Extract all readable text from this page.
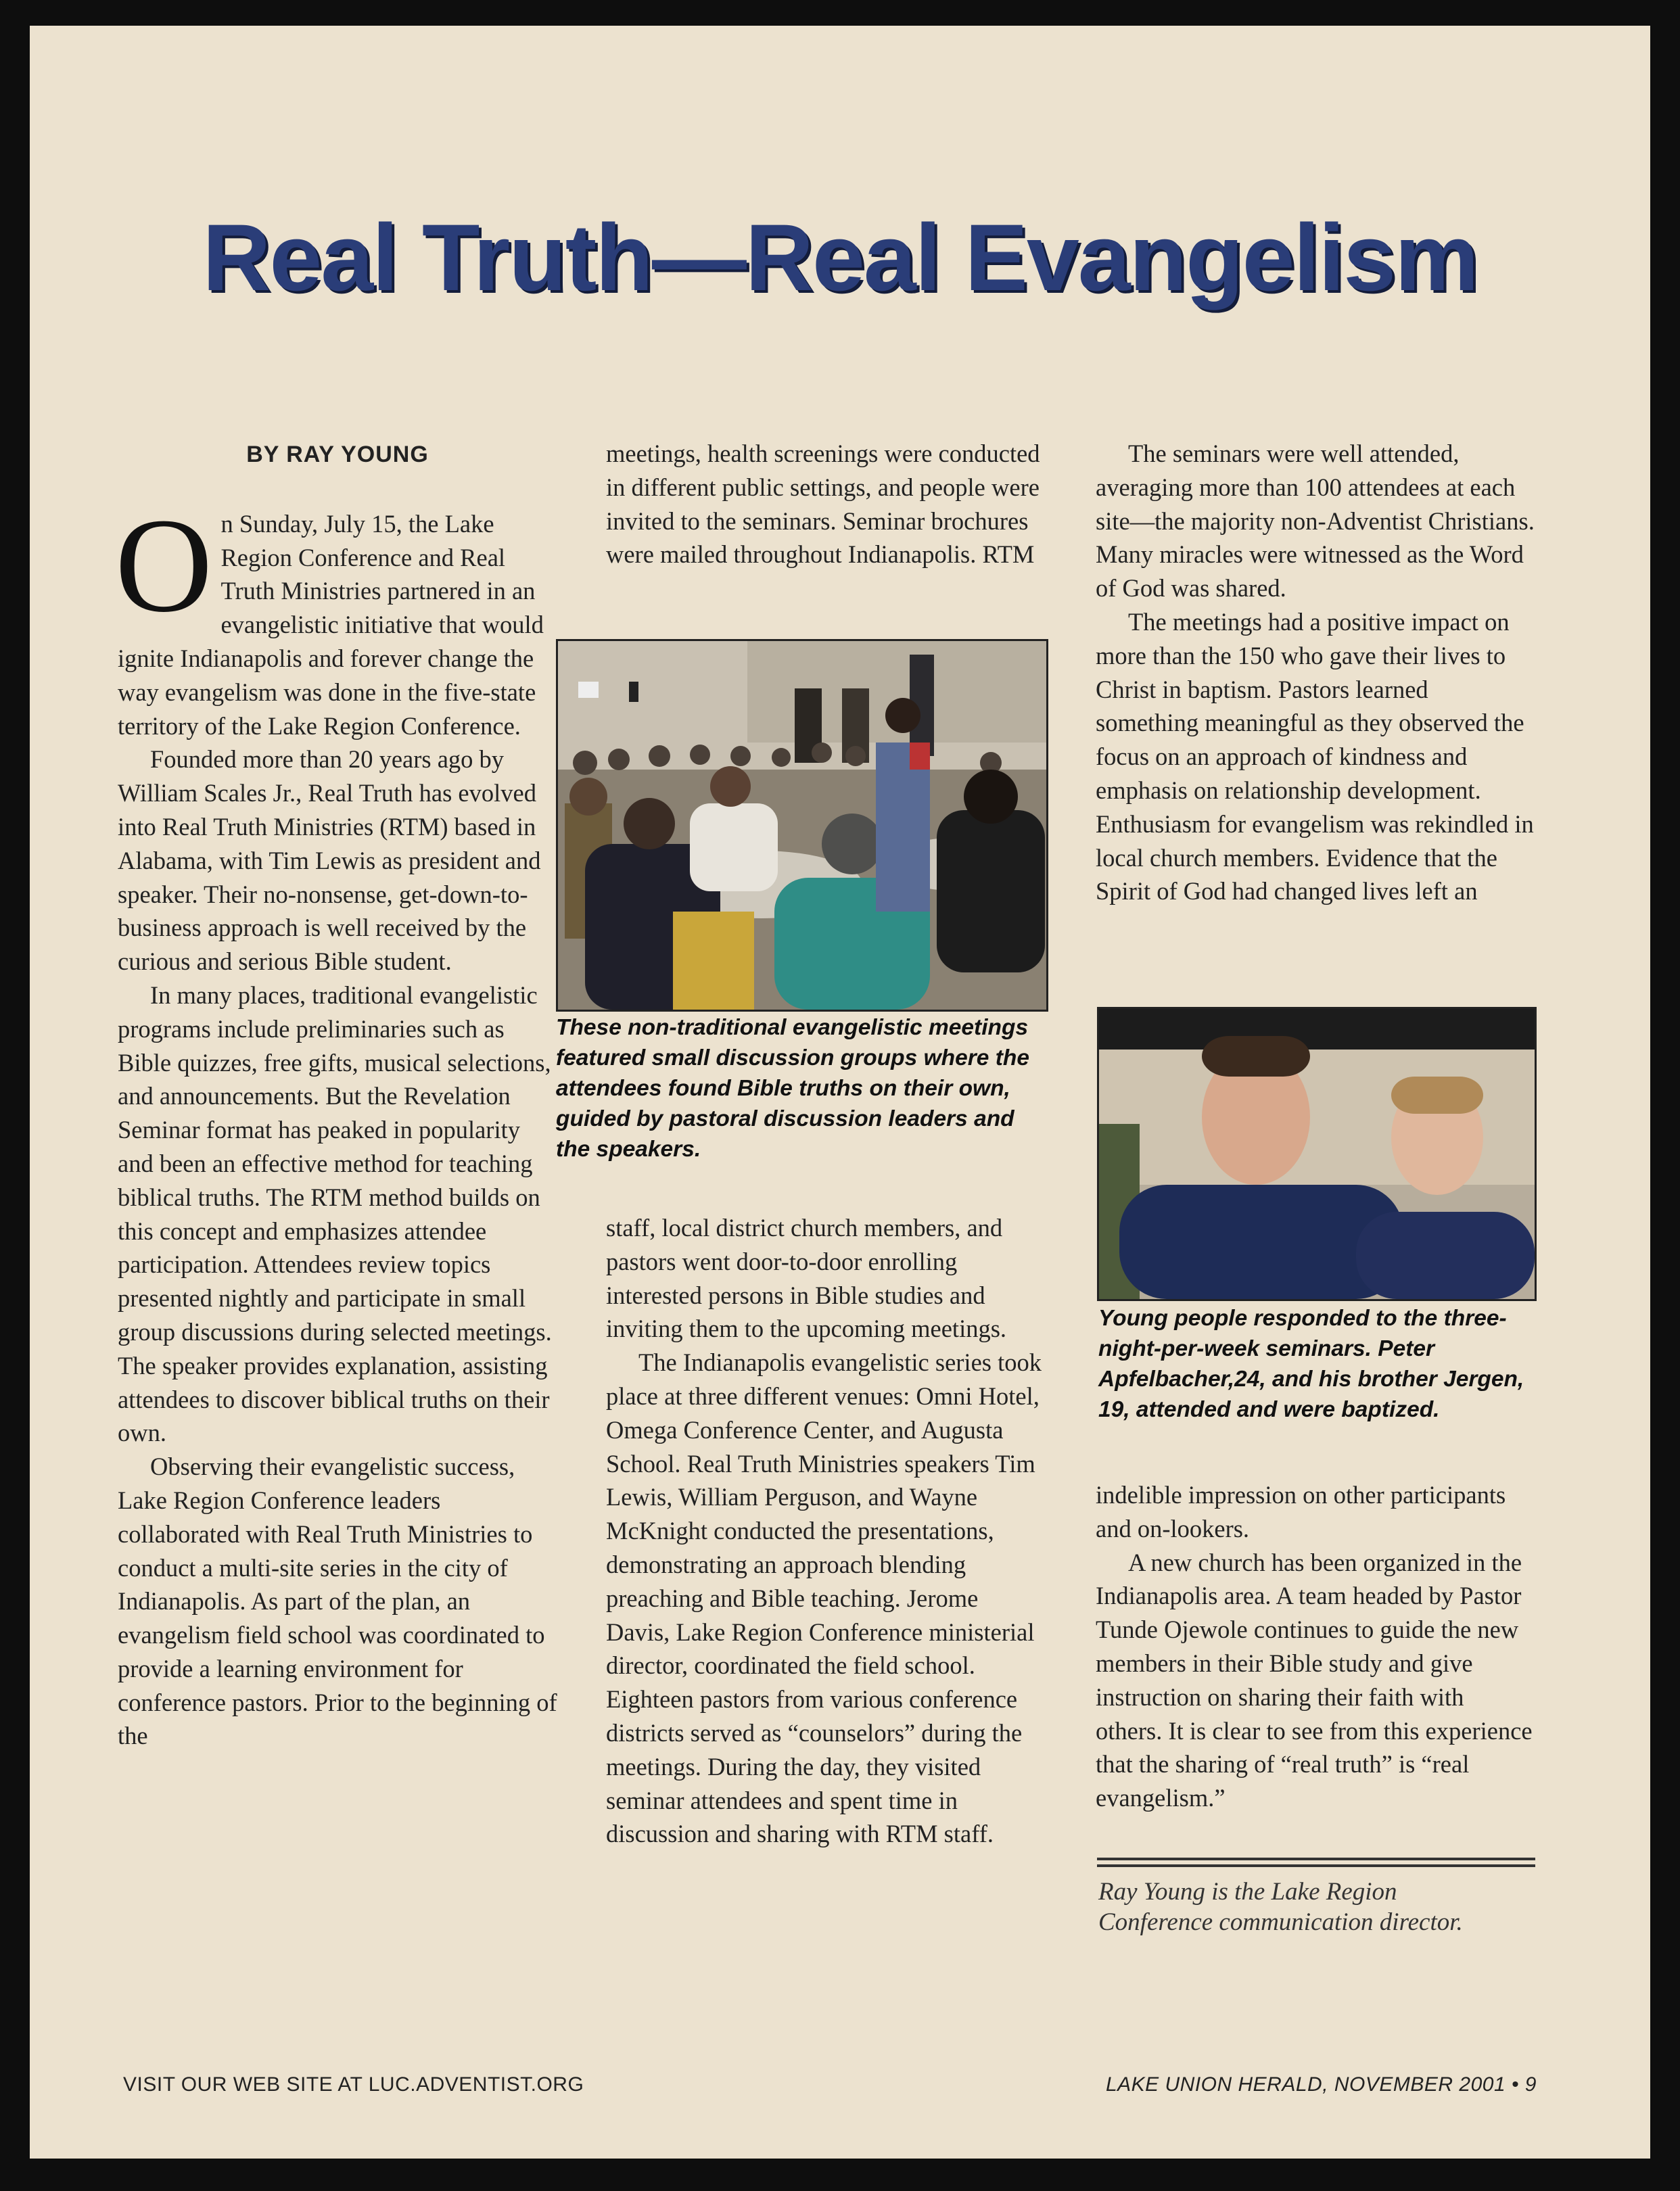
Real Truth—Real Evangelism
BY RAY YOUNG

On Sunday, July 15, the Lake Region Conference and Real Truth Ministries partnered in an evangelistic initiative that would ignite Indianapolis and forever change the way evangelism was done in the five-state territory of the Lake Region Conference.

Founded more than 20 years ago by William Scales Jr., Real Truth has evolved into Real Truth Ministries (RTM) based in Alabama, with Tim Lewis as president and speaker. Their no-nonsense, get-down-to-business approach is well received by the curious and serious Bible student.

In many places, traditional evangelistic programs include preliminaries such as Bible quizzes, free gifts, musical selections, and announcements. But the Revelation Seminar format has peaked in popularity and been an effective method for teaching biblical truths. The RTM method builds on this concept and emphasizes attendee participation. Attendees review topics presented nightly and participate in small group discussions during selected meetings. The speaker provides explanation, assisting attendees to discover biblical truths on their own.

Observing their evangelistic success, Lake Region Conference leaders collaborated with Real Truth Ministries to conduct a multi-site series in the city of Indianapolis. As part of the plan, an evangelism field school was coordinated to provide a learning environment for conference pastors. Prior to the beginning of the

meetings, health screenings were conducted in different public settings, and people were invited to the seminars. Seminar brochures were mailed throughout Indianapolis. RTM

These non-traditional evangelistic meetings featured small discussion groups where the attendees found Bible truths on their own, guided by pastoral discussion leaders and the speakers.

staff, local district church members, and pastors went door-to-door enrolling interested persons in Bible studies and inviting them to the upcoming meetings.

The Indianapolis evangelistic series took place at three different venues: Omni Hotel, Omega Conference Center, and Augusta School. Real Truth Ministries speakers Tim Lewis, William Perguson, and Wayne McKnight conducted the presentations, demonstrating an approach blending preaching and Bible teaching. Jerome Davis, Lake Region Conference ministerial director, coordinated the field school. Eighteen pastors from various conference districts served as “counselors” during the meetings. During the day, they visited seminar attendees and spent time in discussion and sharing with RTM staff.

The seminars were well attended, averaging more than 100 attendees at each site—the majority non-Adventist Christians. Many miracles were witnessed as the Word of God was shared.

The meetings had a positive impact on more than the 150 who gave their lives to Christ in baptism. Pastors learned something meaningful as they observed the focus on an approach of kindness and emphasis on relationship development. Enthusiasm for evangelism was rekindled in local church members. Evidence that the Spirit of God had changed lives left an

Young people responded to the three-night-per-week seminars. Peter Apfelbacher,24, and his brother Jergen, 19, attended and were baptized.

indelible impression on other participants and on-lookers.

A new church has been organized in the Indianapolis area. A team headed by Pastor Tunde Ojewole continues to guide the new members in their Bible study and give instruction on sharing their faith with others. It is clear to see from this experience that the sharing of “real truth” is “real evangelism.”

Ray Young is the Lake Region Conference communication director.
VISIT OUR WEB SITE AT LUC.ADVENTIST.ORG	LAKE UNION HERALD, NOVEMBER 2001 • 9
